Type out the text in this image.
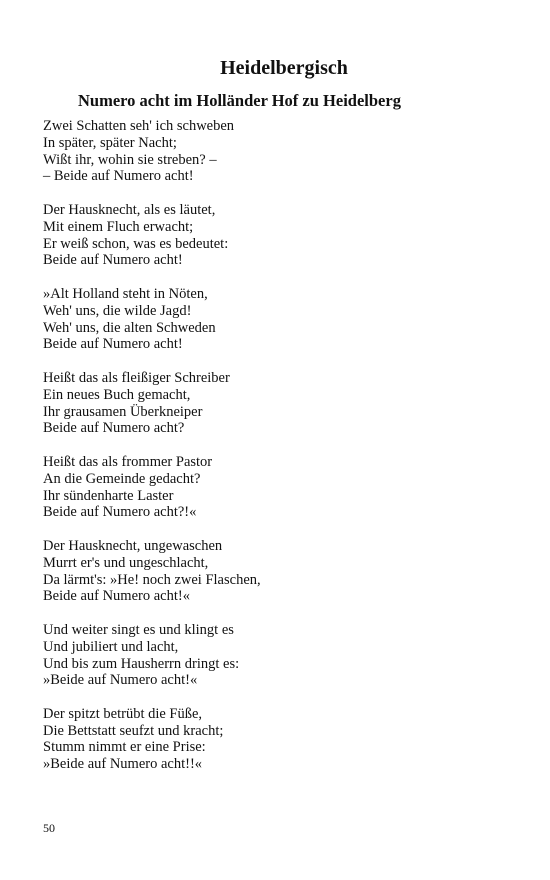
Heidelbergisch
Numero acht im Holländer Hof zu Heidelberg
Zwei Schatten seh' ich schweben
In später, später Nacht;
Wißt ihr, wohin sie streben? –
– Beide auf Numero acht!
Der Hausknecht, als es läutet,
Mit einem Fluch erwacht;
Er weiß schon, was es bedeutet:
Beide auf Numero acht!
»Alt Holland steht in Nöten,
Weh' uns, die wilde Jagd!
Weh' uns, die alten Schweden
Beide auf Numero acht!
Heißt das als fleißiger Schreiber
Ein neues Buch gemacht,
Ihr grausamen Überkneiper
Beide auf Numero acht?
Heißt das als frommer Pastor
An die Gemeinde gedacht?
Ihr sündenharte Laster
Beide auf Numero acht?!«
Der Hausknecht, ungewaschen
Murrt er's und ungeschlacht,
Da lärmt's: »He! noch zwei Flaschen,
Beide auf Numero acht!«
Und weiter singt es und klingt es
Und jubiliert und lacht,
Und bis zum Hausherrn dringt es:
»Beide auf Numero acht!«
Der spitzt betrübt die Füße,
Die Bettstatt seufzt und kracht;
Stumm nimmt er eine Prise:
»Beide auf Numero acht!!«
50
